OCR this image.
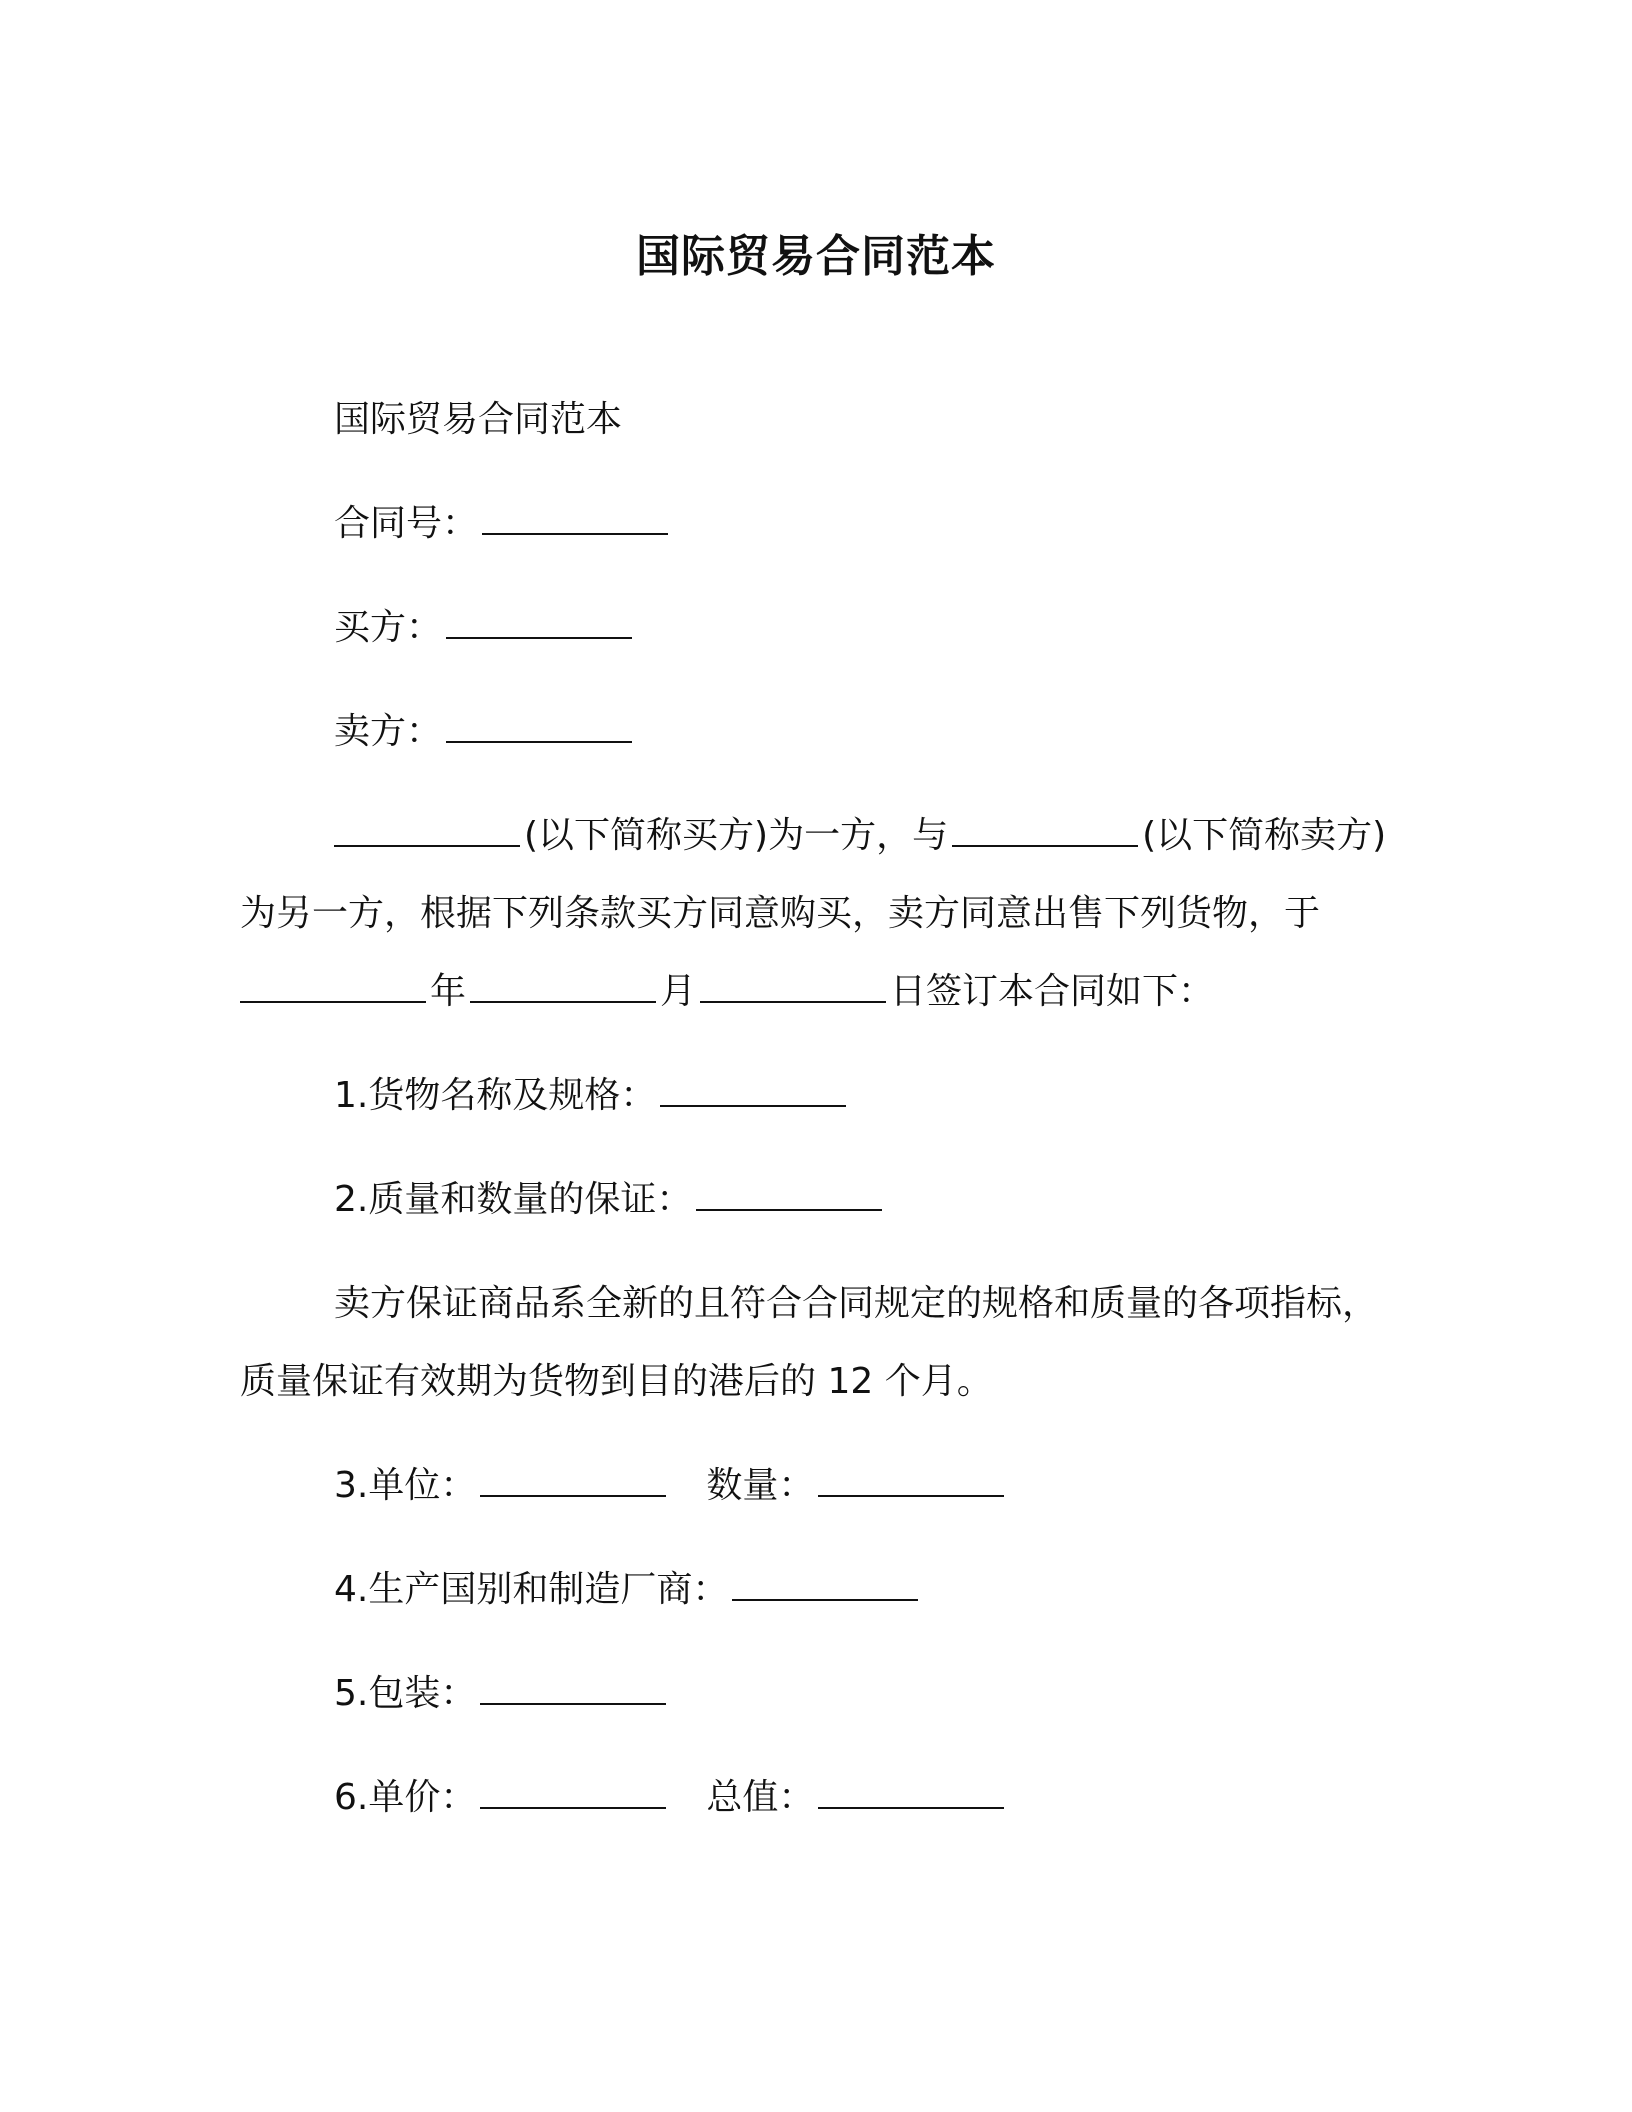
国际贸易合同范本
国际贸易合同范本
合同号：
买方：
卖方：
(以下简称买方)为一方，与	(以下简称卖方)
为另一方，根据下列条款买方同意购买，卖方同意出售下列货物，于
年	月	日签订本合同如下：
1.货物名称及规格：
2.质量和数量的保证：
卖方保证商品系全新的且符合合同规定的规格和质量的各项指标，
质量保证有效期为货物到目的港后的 12 个月。
3.单位：	数量：
4.生产国别和制造厂商：
5.包装：
6.单价：	总值：
